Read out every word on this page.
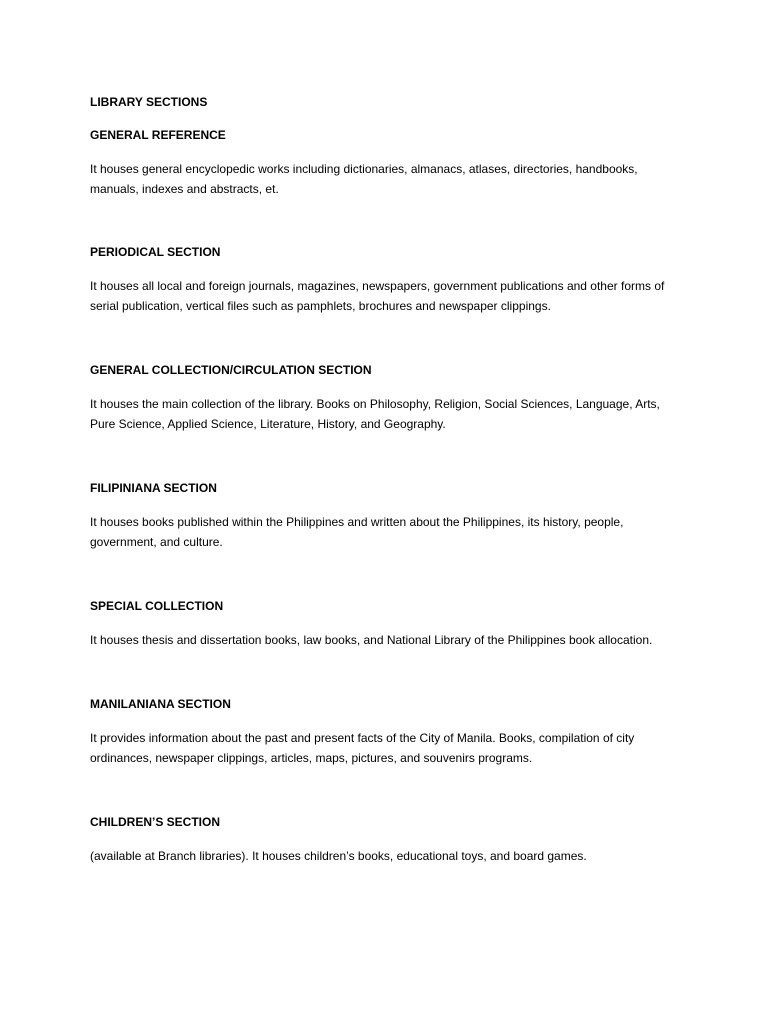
LIBRARY SECTIONS
GENERAL REFERENCE

It houses general encyclopedic works including dictionaries, almanacs, atlases, directories, handbooks, manuals, indexes and abstracts, et.

PERIODICAL SECTION

It houses all local and foreign journals, magazines, newspapers, government publications and other forms of serial publication, vertical files such as pamphlets, brochures and newspaper clippings.

GENERAL COLLECTION/CIRCULATION SECTION

It houses the main collection of the library. Books on Philosophy, Religion, Social Sciences, Language, Arts, Pure Science, Applied Science, Literature, History, and Geography.

FILIPINIANA SECTION

It houses books published within the Philippines and written about the Philippines, its history, people, government, and culture.

SPECIAL COLLECTION

It houses thesis and dissertation books, law books, and National Library of the Philippines book allocation.

MANILANIANA SECTION

It provides information about the past and present facts of the City of Manila. Books, compilation of city ordinances, newspaper clippings, articles, maps, pictures, and souvenirs programs.

CHILDREN’S SECTION

(available at Branch libraries). It houses children’s books, educational toys, and board games.
